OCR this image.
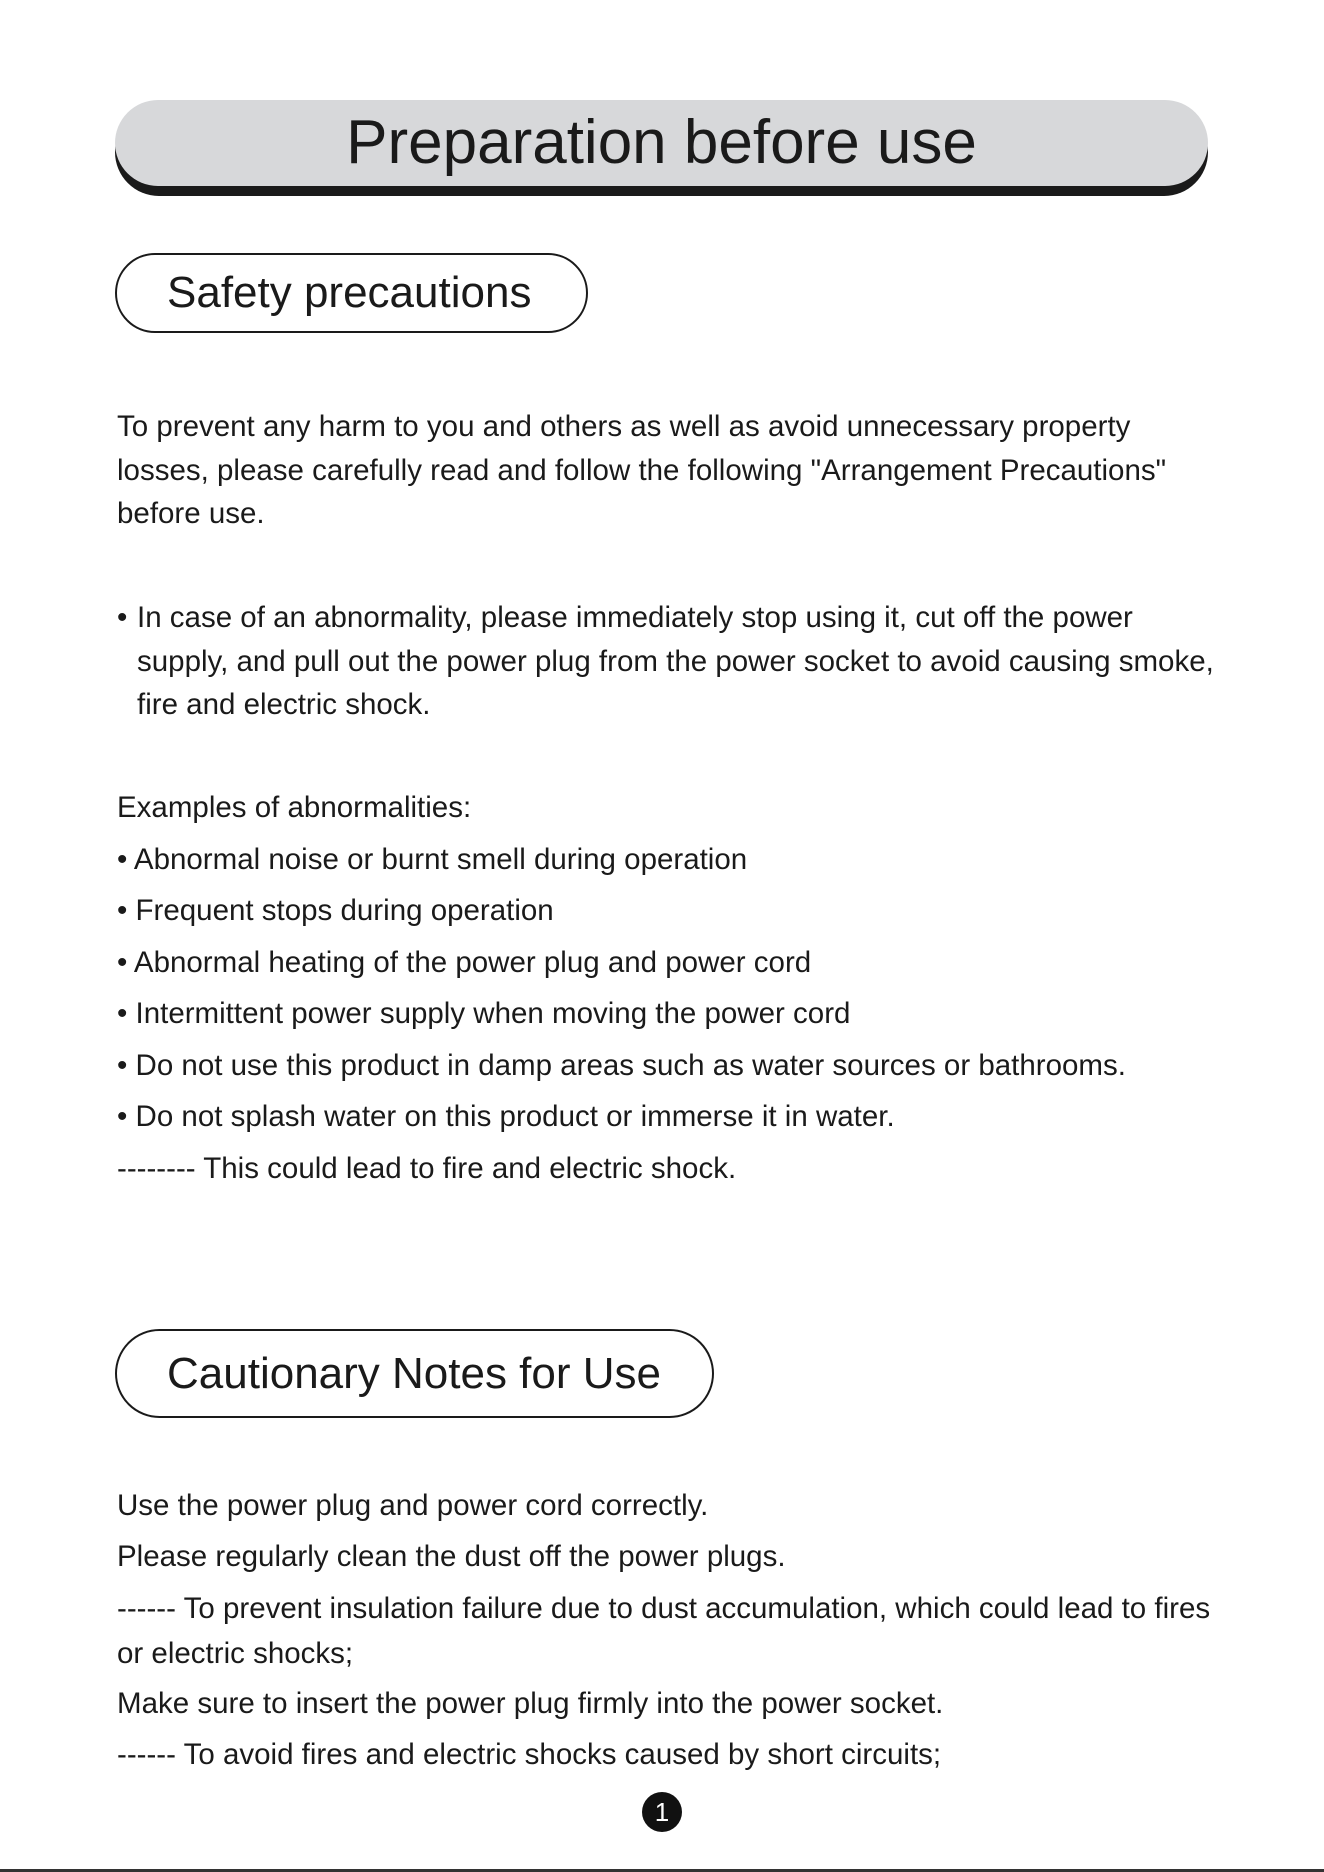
Preparation before use
Safety precautions
To prevent any harm to you and others as well as avoid unnecessary property losses, please carefully read and follow the following "Arrangement Precautions" before use.
• In case of an abnormality, please immediately stop using it, cut off the power supply, and pull out the power plug from the power socket to avoid causing smoke, fire and electric shock.
Examples of abnormalities:
• Abnormal noise or burnt smell during operation
• Frequent stops during operation
• Abnormal heating of the power plug and power cord
• Intermittent power supply when moving the power cord
• Do not use this product in damp areas such as water sources or bathrooms.
• Do not splash water on this product or immerse it in water.
-------- This could lead to fire and electric shock.
Cautionary Notes for Use
Use the power plug and power cord correctly.
Please regularly clean the dust off the power plugs.
------ To prevent insulation failure due to dust accumulation, which could lead to fires or electric shocks;
Make sure to insert the power plug firmly into the power socket.
------ To avoid fires and electric shocks caused by short circuits;
1
